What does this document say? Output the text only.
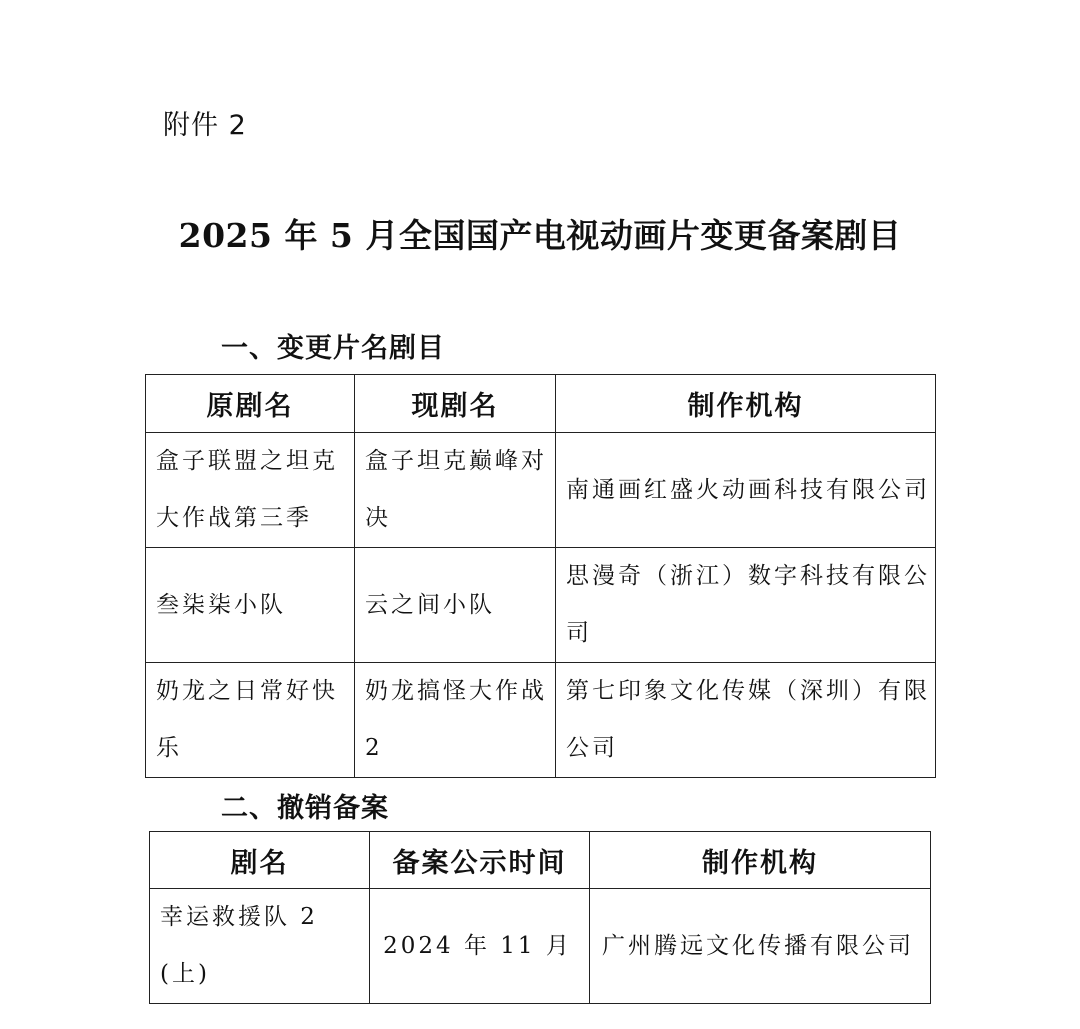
附件 2
2025 年 5 月全国国产电视动画片变更备案剧目
一、变更片名剧目
原剧名	现剧名	制作机构
盒子联盟之坦克大作战第三季	盒子坦克巅峰对决	南通画红盛火动画科技有限公司
叁柒柒小队	云之间小队	思漫奇（浙江）数字科技有限公司
奶龙之日常好快乐	奶龙搞怪大作战 2	第七印象文化传媒（深圳）有限公司
二、撤销备案
剧名	备案公示时间	制作机构
幸运救援队 2(上)	2024 年 11 月	广州腾远文化传播有限公司
